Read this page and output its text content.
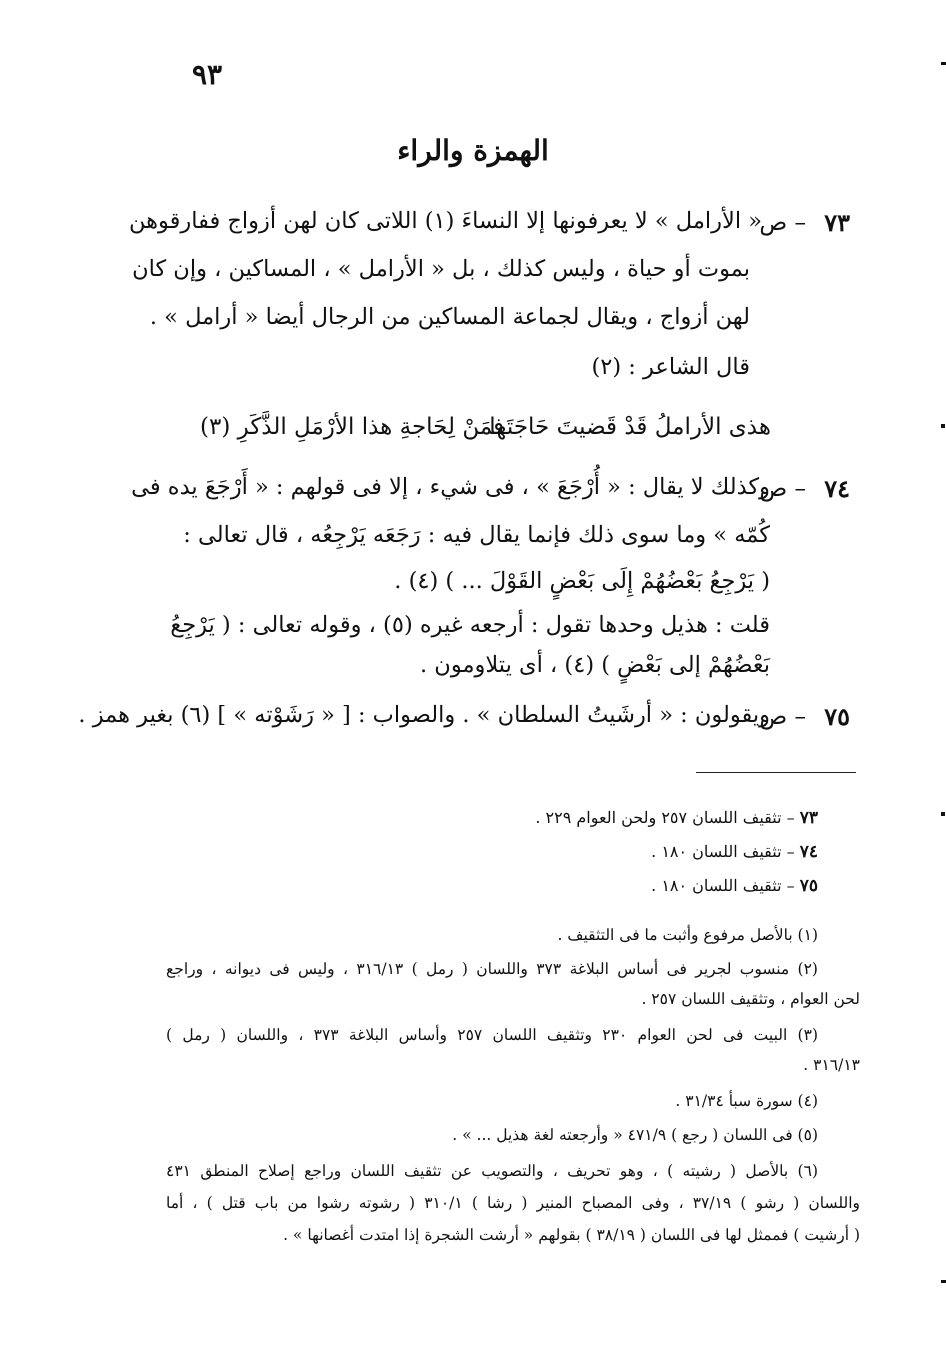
٩٣
الهمزة والراء
٧٣
– ص
« الأرامل » لا يعرفونها إلا النساءَ (١) اللاتى كان لهن أزواج ففارقوهن
بموت أو حياة ، وليس كذلك ، بل « الأرامل » ، المساكين ، وإن كان
لهن أزواج ، ويقال لجماعة المساكين من الرجال أيضا « أرامل » .
قال الشاعر : (٢)
هذى الأراملُ قَدْ قَضيتَ حَاجَتَها
فمَنْ لِحَاجةِ هذا الأرْمَلِ الذَّكَرِ (٣)
٧٤
– ص
وكذلك لا يقال : « أُرْجَعَ » ، فى شيء ، إلا فى قولهم : « أَرْجَعَ يده فى
كُمّه » وما سوى ذلك فإنما يقال فيه : رَجَعَه يَرْجِعُه ، قال تعالى :
( يَرْجِعُ بَعْضُهُمْ إِلَى بَعْضٍ القَوْلَ ... ) (٤) .
قلت : هذيل وحدها تقول : أرجعه غيره (٥) ، وقوله تعالى : ( يَرْجِعُ
بَعْضُهُمْ إلى بَعْضٍ ) (٤) ، أى يتلاومون .
٧٥
– ص
ويقولون : « أرشَيتُ السلطان » . والصواب : [ « رَشَوْته » ] (٦) بغير همز .
٧٣ – تثقيف اللسان ٢٥٧ ولحن العوام ٢٢٩ .
٧٤ – تثقيف اللسان ١٨٠ .
٧٥ – تثقيف اللسان ١٨٠ .
(١) بالأصل مرفوع وأثبت ما فى التثقيف .
(٢) منسوب لجرير فى أساس البلاغة ٣٧٣ واللسان ( رمل ) ٣١٦/١٣ ، وليس فى ديوانه ، وراجع
لحن العوام ، وتثقيف اللسان ٢٥٧ .
(٣) البيت فى لحن العوام ٢٣٠ وتثقيف اللسان ٢٥٧ وأساس البلاغة ٣٧٣ ، واللسان ( رمل )
٣١٦/١٣ .
(٤) سورة سبأ ٣١/٣٤ .
(٥) فى اللسان ( رجع ) ٤٧١/٩ « وأرجعته لغة هذيل ... » .
(٦) بالأصل ( رشيته ) ، وهو تحريف ، والتصويب عن تثقيف اللسان وراجع إصلاح المنطق ٤٣١
واللسان ( رشو ) ٣٧/١٩ ، وفى المصباح المنير ( رشا ) ٣١٠/١ ( رشوته رشوا من باب قتل ) ، أما
( أرشيت ) فممثل لها فى اللسان ( ٣٨/١٩ ) بقولهم « أرشت الشجرة إذا امتدت أغصانها » .
